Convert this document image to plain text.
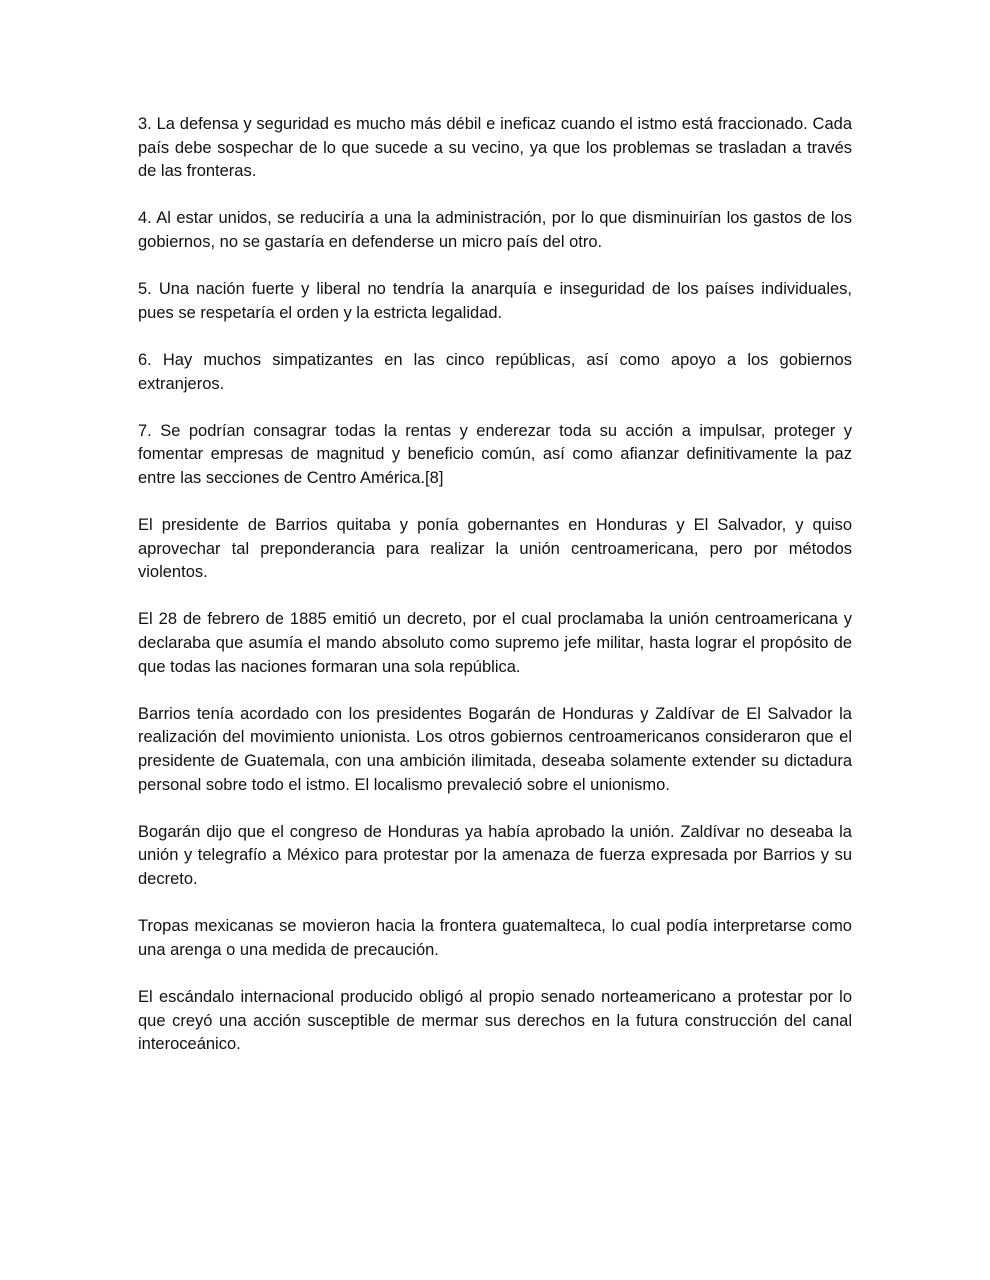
3. La defensa y seguridad es mucho más débil e ineficaz cuando el istmo está fraccionado. Cada país debe sospechar de lo que sucede a su vecino, ya que los problemas se trasladan a través de las fronteras.

4. Al estar unidos, se reduciría a una la administración, por lo que disminuirían los gastos de los gobiernos, no se gastaría en defenderse un micro país del otro.

5. Una nación fuerte y liberal no tendría la anarquía e inseguridad de los países individuales, pues se respetaría el orden y la estricta legalidad.

6. Hay muchos simpatizantes en las cinco repúblicas, así como apoyo a los gobiernos extranjeros.

7. Se podrían consagrar todas la rentas y enderezar toda su acción a impulsar, proteger y fomentar empresas de magnitud y beneficio común, así como afianzar definitivamente la paz entre las secciones de Centro América.[8]

El presidente de Barrios quitaba y ponía gobernantes en Honduras y El Salvador, y quiso aprovechar tal preponderancia para realizar la unión centroamericana, pero por métodos violentos.

El 28 de febrero de 1885 emitió un decreto, por el cual proclamaba la unión centroamericana y declaraba que asumía el mando absoluto como supremo jefe militar, hasta lograr el propósito de que todas las naciones formaran una sola república.

Barrios tenía acordado con los presidentes Bogarán de Honduras y Zaldívar de El Salvador la realización del movimiento unionista. Los otros gobiernos centroamericanos consideraron que el presidente de Guatemala, con una ambición ilimitada, deseaba solamente extender su dictadura personal sobre todo el istmo. El localismo prevaleció sobre el unionismo.

Bogarán dijo que el congreso de Honduras ya había aprobado la unión. Zaldívar no deseaba la unión y telegrafío a México para protestar por la amenaza de fuerza expresada por Barrios y su decreto.

Tropas mexicanas se movieron hacia la frontera guatemalteca, lo cual podía interpretarse como una arenga o una medida de precaución.

El escándalo internacional producido obligó al propio senado norteamericano a protestar por lo que creyó una acción susceptible de mermar sus derechos en la futura construcción del canal interoceánico.
